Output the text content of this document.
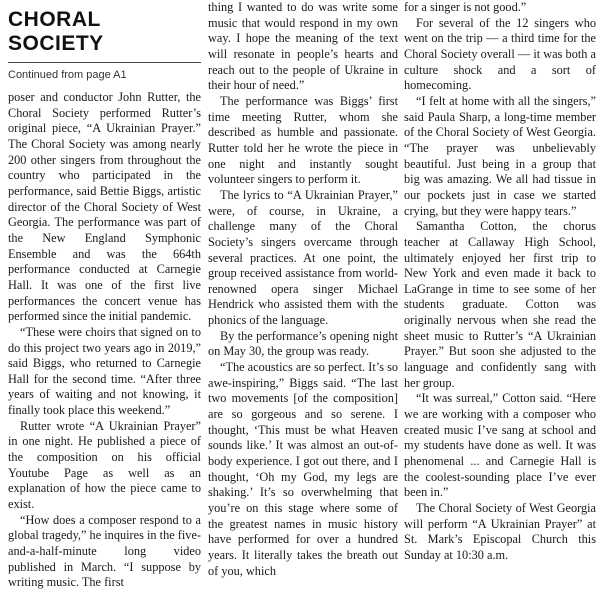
CHORAL SOCIETY
Continued from page A1

poser and conductor John Rutter, the Choral Society performed Rutter’s original piece, “A Ukrainian Prayer.” The Choral Society was among nearly 200 other singers from throughout the country who participated in the performance, said Bettie Biggs, artistic director of the Choral Society of West Georgia. The performance was part of the New England Symphonic Ensemble and was the 664th performance conducted at Carnegie Hall. It was one of the first live performances the concert venue has performed since the initial pandemic.

“These were choirs that signed on to do this project two years ago in 2019,” said Biggs, who returned to Carnegie Hall for the second time. “After three years of waiting and not knowing, it finally took place this weekend.”

Rutter wrote “A Ukrainian Prayer” in one night. He published a piece of the composition on his official Youtube Page as well as an explanation of how the piece came to exist.

“How does a composer respond to a global tragedy,” he inquires in the five-and-a-half-minute long video published in March. “I suppose by writing music. The first

thing I wanted to do was write some music that would respond in my own way. I hope the meaning of the text will resonate in people’s hearts and reach out to the people of Ukraine in their hour of need.”

The performance was Biggs’ first time meeting Rutter, whom she described as humble and passionate. Rutter told her he wrote the piece in one night and instantly sought volunteer singers to perform it.

The lyrics to “A Ukrainian Prayer,” were, of course, in Ukraine, a challenge many of the Choral Society’s singers overcame through several practices. At one point, the group received assistance from world-renowned opera singer Michael Hendrick who assisted them with the phonics of the language.

By the performance’s opening night on May 30, the group was ready.

“The acoustics are so perfect. It’s so awe-inspiring,” Biggs said. “The last two movements [of the composition] are so gorgeous and so serene. I thought, ‘This must be what Heaven sounds like.’ It was almost an out-of-body experience. I got out there, and I thought, ‘Oh my God, my legs are shaking.’ It’s so overwhelming that you’re on this stage where some of the greatest names in music history have performed for over a hundred years. It literally takes the breath out of you, which

for a singer is not good.”

For several of the 12 singers who went on the trip — a third time for the Choral Society overall — it was both a culture shock and a sort of homecoming.

“I felt at home with all the singers,” said Paula Sharp, a long-time member of the Choral Society of West Georgia. “The prayer was unbelievably beautiful. Just being in a group that big was amazing. We all had tissue in our pockets just in case we started crying, but they were happy tears.”

Samantha Cotton, the chorus teacher at Callaway High School, ultimately enjoyed her first trip to New York and even made it back to LaGrange in time to see some of her students graduate. Cotton was originally nervous when she read the sheet music to Rutter’s “A Ukrainian Prayer.” But soon she adjusted to the language and confidently sang with her group.

“It was surreal,” Cotton said. “Here we are working with a composer who created music I’ve sang at school and my students have done as well. It was phenomenal ... and Carnegie Hall is the coolest-sounding place I’ve ever been in.”

The Choral Society of West Georgia will perform “A Ukrainian Prayer” at St. Mark’s Episcopal Church this Sunday at 10:30 a.m.
